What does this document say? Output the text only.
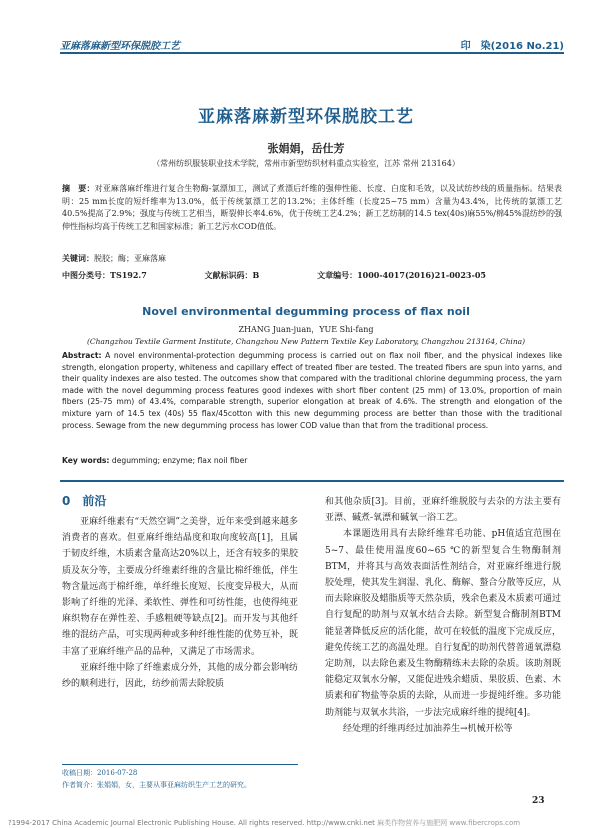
亚麻落麻新型环保脱胶工艺	印　染(2016 No.21)
亚麻落麻新型环保脱胶工艺
张娟娟，岳仕芳
（常州纺织服装职业技术学院，常州市新型纺织材料重点实验室，江苏 常州 213164）
摘　要：对亚麻落麻纤维进行复合生物酶-氯漂加工，测试了煮漂后纤维的强伸性能、长度、白度和毛效，以及试纺纱线的质量指标。结果表明：25 mm长度的短纤维率为13.0%，低于传统氯漂工艺的13.2%；主体纤维（长度25~75 mm）含量为43.4%，比传统的氯漂工艺40.5%提高了2.9%；强度与传统工艺相当，断裂伸长率4.6%，优于传统工艺4.2%；新工艺纺制的14.5 tex(40s)麻55%/棉45%混纺纱的强伸性指标均高于传统工艺和国家标准；新工艺污水COD值低。
关键词：脱胶；酶；亚麻落麻
中图分类号：TS192.7	文献标识码：B	文章编号：1000-4017(2016)21-0023-05
Novel environmental degumming process of flax noil
ZHANG Juan-juan，YUE Shi-fang
(Changzhou Textile Garment Institute, Changzhou New Pattern Textile Key Laboratory, Changzhou 213164, China)
Abstract: A novel environmental-protection degumming process is carried out on flax noil fiber, and the physical indexes like strength, elongation property, whiteness and capillary effect of treated fiber are tested. The treated fibers are spun into yarns, and their quality indexes are also tested. The outcomes show that compared with the traditional chlorine degumming process, the yarn made with the novel degumming process features good indexes with short fiber content (25 mm) of 13.0%, proportion of main fibers (25-75 mm) of 43.4%, comparable strength, superior elongation at break of 4.6%. The strength and elongation of the mixture yarn of 14.5 tex (40s) 55 flax/45cotton with this new degumming process are better than those with the traditional process. Sewage from the new degumming process has lower COD value than that from the traditional process.
Key words: degumming; enzyme; flax noil fiber
0　前沿

亚麻纤维素有“天然空调”之美誉，近年来受到越来越多消费者的喜欢。但亚麻纤维结晶度和取向度较高[1]，且属于韧皮纤维，木质素含量高达20%以上，还含有较多的果胶质及灰分等，主要成分纤维素纤维的含量比棉纤维低，伴生物含量远高于棉纤维，单纤维长度短、长度变异极大，从而影响了纤维的光泽、柔软性、弹性和可纺性能，也使得纯亚麻织物存在弹性差、手感粗硬等缺点[2]。而开发与其他纤维的混纺产品，可实现两种或多种纤维性能的优势互补，既丰富了亚麻纤维产品的品种，又满足了市场需求。

亚麻纤维中除了纤维素成分外，其他的成分都会影响纺纱的顺利进行，因此，纺纱前需去除胶质

和其他杂质[3]。目前，亚麻纤维脱胶与去杂的方法主要有亚漂、碱煮-氧漂和碱氧一浴工艺。

本课题选用具有去除纤维茸毛功能、pH值适宜范围在5~7、最佳使用温度60~65 ℃的新型复合生物酶制剂BTM，并将其与高效表面活性剂结合，对亚麻纤维进行脱胶处理，使其发生润湿、乳化、酶解、螯合分散等反应，从而去除麻胶及蜡脂质等天然杂质，残余色素及木质素可通过自行复配的助剂与双氧水结合去除。新型复合酶制剂BTM能显著降低反应的活化能，故可在较低的温度下完成反应，避免传统工艺的高温处理。自行复配的助剂代替普通氧漂稳定助剂，以去除色素及生物酶精练未去除的杂质。该助剂既能稳定双氧水分解，又能促进残余蜡质、果胶质、色素、木质素和矿物盐等杂质的去除，从而进一步提纯纤维。多功能助剂能与双氧水共浴，一步法完成麻纤维的提纯[4]。

经处理的纤维再经过加油养生→机械开松等

收稿日期：2016-07-28
作者简介：张娟娟，女，主要从事亚麻纺织生产工艺的研究。
23
?1994-2017 China Academic Journal Electronic Publishing House. All rights reserved. http://www.cnki.net 麻类作物营养与施肥网 www.fibercrops.com
